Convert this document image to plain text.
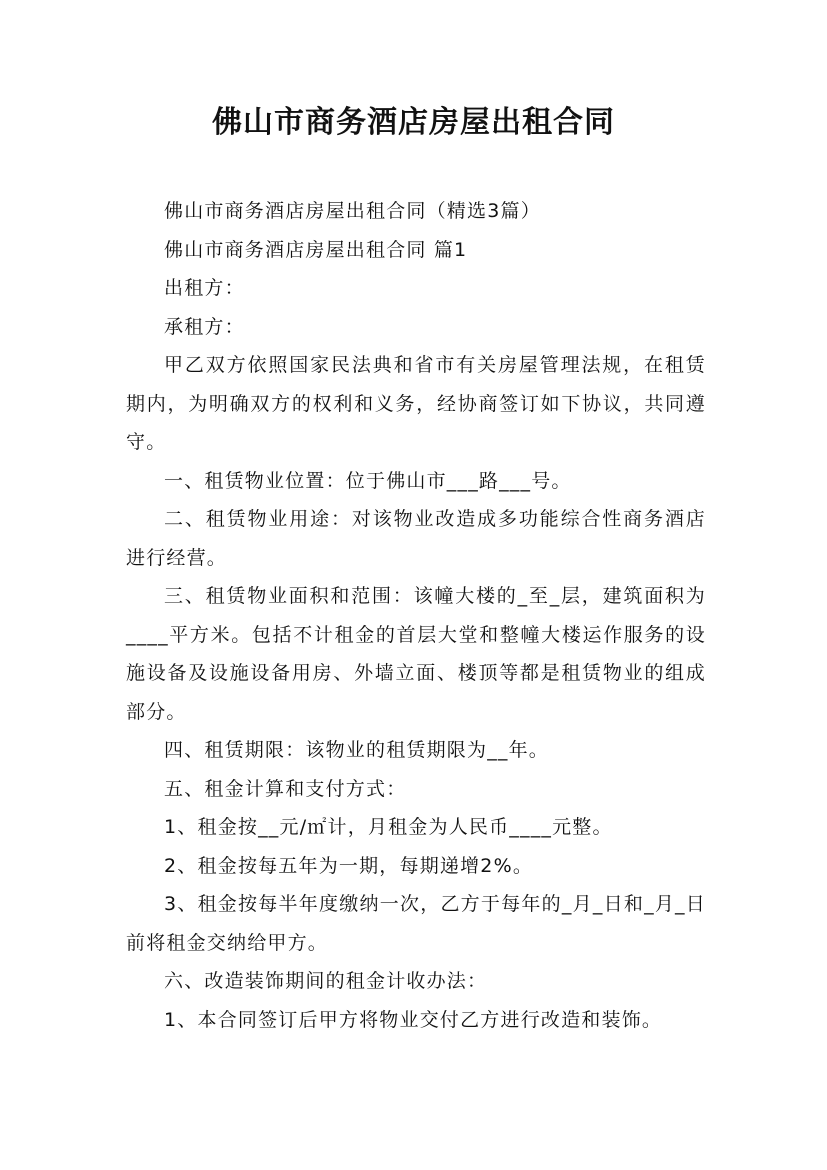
佛山市商务酒店房屋出租合同

佛山市商务酒店房屋出租合同（精选3篇）

佛山市商务酒店房屋出租合同 篇1

出租方：

承租方：

甲乙双方依照国家民法典和省市有关房屋管理法规，在租赁期内，为明确双方的权利和义务，经协商签订如下协议，共同遵守。

一、租赁物业位置：位于佛山市___路___号。

二、租赁物业用途：对该物业改造成多功能综合性商务酒店进行经营。

三、租赁物业面积和范围：该幢大楼的_至_层，建筑面积为____平方米。包括不计租金的首层大堂和整幢大楼运作服务的设施设备及设施设备用房、外墙立面、楼顶等都是租赁物业的组成部分。

四、租赁期限：该物业的租赁期限为__年。

五、租金计算和支付方式：

1、租金按__元/㎡计，月租金为人民币____元整。

2、租金按每五年为一期，每期递增2%。

3、租金按每半年度缴纳一次，乙方于每年的_月_日和_月_日前将租金交纳给甲方。

六、改造装饰期间的租金计收办法：

1、本合同签订后甲方将物业交付乙方进行改造和装饰。
